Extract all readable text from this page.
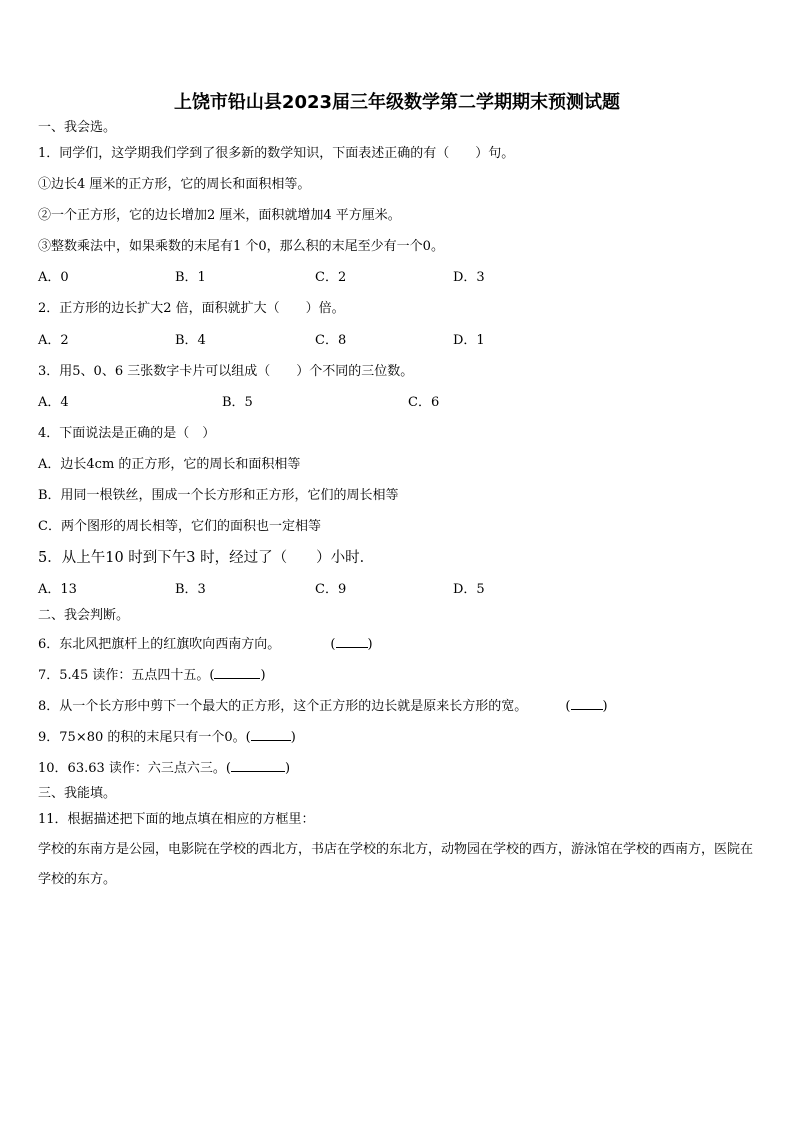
上饶市铅山县2023届三年级数学第二学期期末预测试题
一、我会选。
1．同学们，这学期我们学到了很多新的数学知识，下面表述正确的有（　　）句。
①边长4 厘米的正方形，它的周长和面积相等。
②一个正方形，它的边长增加2 厘米，面积就增加4 平方厘米。
③整数乘法中，如果乘数的末尾有1 个0，那么积的末尾至少有一个0。
A．0	B．1	C．2	D．3
2．正方形的边长扩大2 倍，面积就扩大（　　）倍。
A．2	B．4	C．8	D．1
3．用5、0、6 三张数字卡片可以组成（　　）个不同的三位数。
A．4	B．5	C．6
4．下面说法是正确的是（　）
A．边长4cm 的正方形，它的周长和面积相等
B．用同一根铁丝，围成一个长方形和正方形，它们的周长相等
C．两个图形的周长相等，它们的面积也一定相等
5．从上午10 时到下午3 时，经过了（　　）小时．
A．13	B．3	C．9	D．5
二、我会判断。
6．东北风把旗杆上的红旗吹向西南方向。	( )
7．5.45 读作：五点四十五。(	)
8．从一个长方形中剪下一个最大的正方形，这个正方形的边长就是原来长方形的宽。	( )
9．75×80 的积的末尾只有一个0。(	)
10．63.63 读作：六三点六三。(	)
三、我能填。
11．根据描述把下面的地点填在相应的方框里：
学校的东南方是公园，电影院在学校的西北方，书店在学校的东北方，动物园在学校的西方，游泳馆在学校的西南方，医院在学校的东方。
